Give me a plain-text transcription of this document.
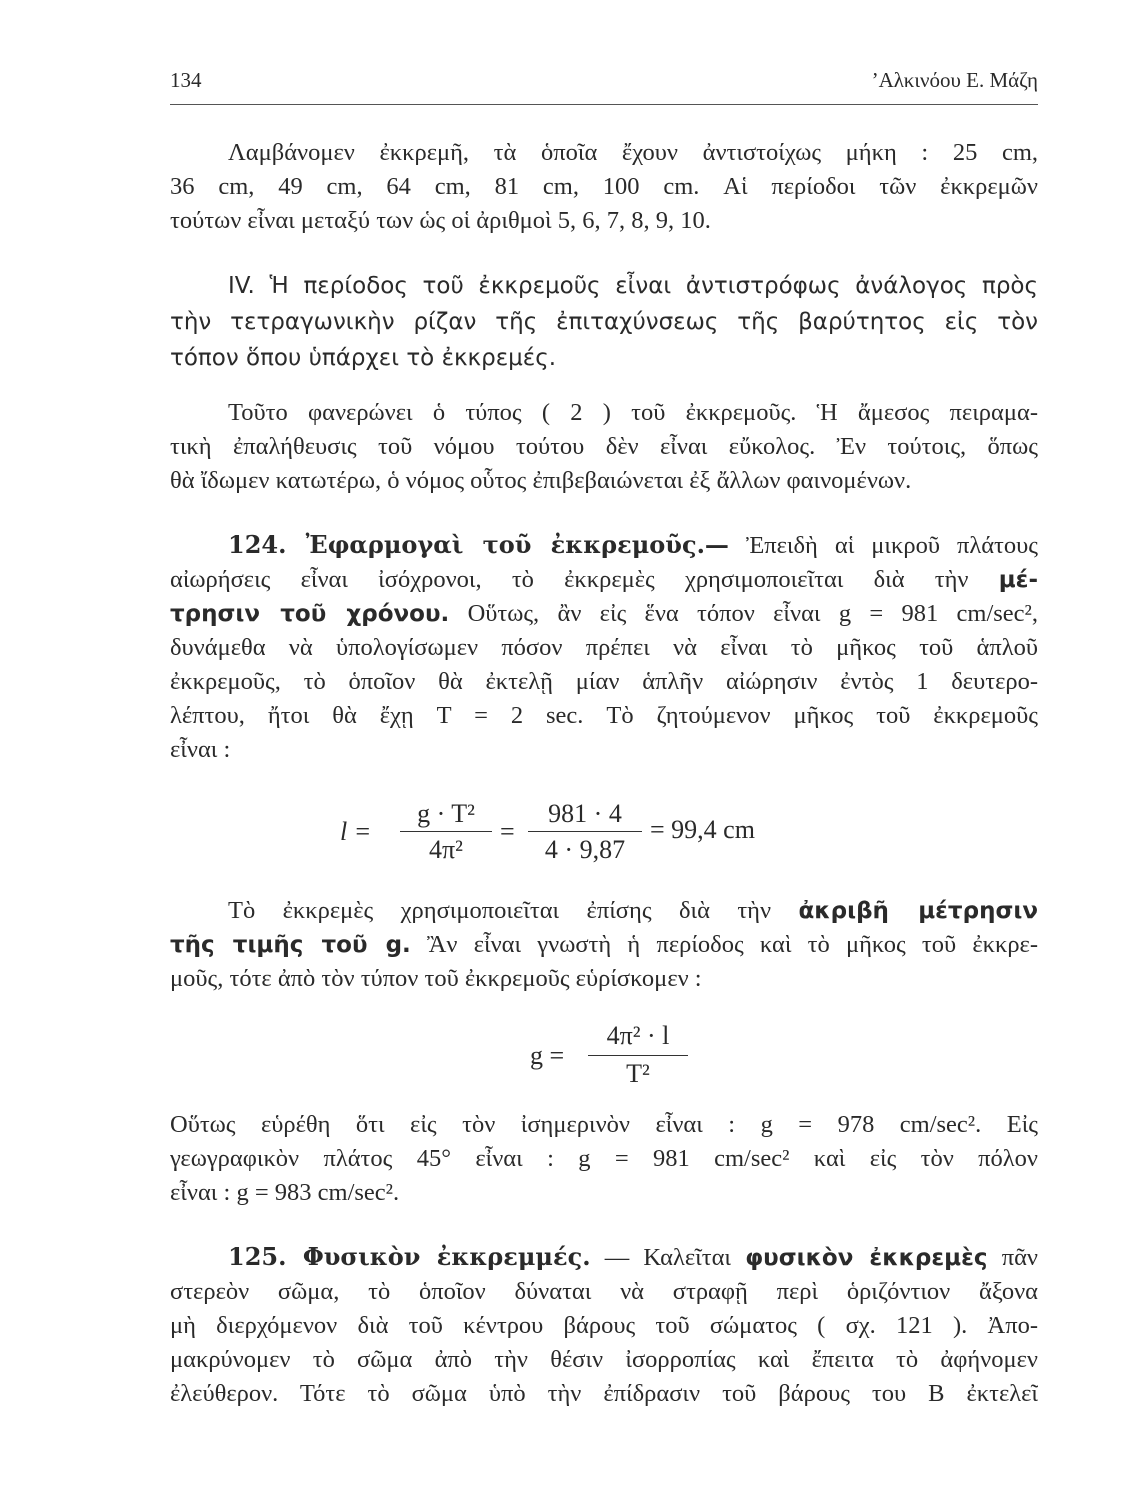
134	’Αλκινόου Ε. Μάζη
Λαμβάνομεν ἐκκρεμῆ, τὰ ὁποῖα ἔχουν ἀντιστοίχως μήκη : 25 cm,
36 cm, 49 cm, 64 cm, 81 cm, 100 cm. Αἱ περίοδοι τῶν ἐκκρεμῶν
τούτων εἶναι μεταξύ των ὡς οἱ ἀριθμοὶ 5, 6, 7, 8, 9, 10.
IV. Ἡ περίοδος τοῦ ἐκκρεμοῦς εἶναι ἀντιστρόφως ἀνάλογος πρὸς
τὴν τετραγωνικὴν ρίζαν τῆς ἐπιταχύνσεως τῆς βαρύτητος εἰς τὸν
τόπον ὅπου ὑπάρχει τὸ ἐκκρεμές.
Τοῦτο φανερώνει ὁ τύπος ( 2 ) τοῦ ἐκκρεμοῦς. Ἡ ἄμεσος πειραμα-
τικὴ ἐπαλήθευσις τοῦ νόμου τούτου δὲν εἶναι εὔκολος. Ἐν τούτοις, ὅπως
θὰ ἴδωμεν κατωτέρω, ὁ νόμος οὗτος ἐπιβεβαιώνεται ἐξ ἄλλων φαινομένων.
124. Ἐφαρμογαὶ τοῦ ἐκκρεμοῦς.— Ἐπειδὴ αἱ μικροῦ πλάτους
αἰωρήσεις εἶναι ἰσόχρονοι, τὸ ἐκκρεμὲς χρησιμοποιεῖται διὰ τὴν μέ-
τρησιν τοῦ χρόνου. Οὕτως, ἂν εἰς ἕνα τόπον εἶναι g = 981 cm/sec²,
δυνάμεθα νὰ ὑπολογίσωμεν πόσον πρέπει νὰ εἶναι τὸ μῆκος τοῦ ἁπλοῦ
ἐκκρεμοῦς, τὸ ὁποῖον θὰ ἐκτελῇ μίαν ἁπλῆν αἰώρησιν ἐντὸς 1 δευτερο-
λέπτου, ἤτοι θὰ ἔχῃ T = 2 sec. Τὸ ζητούμενον μῆκος τοῦ ἐκκρεμοῦς
εἶναι :
l =
g · T²
4π²
=
981 · 4
4 · 9,87
= 99,4 cm
Τὸ ἐκκρεμὲς χρησιμοποιεῖται ἐπίσης διὰ τὴν ἀκριβῆ μέτρησιν
τῆς τιμῆς τοῦ g. Ἂν εἶναι γνωστὴ ἡ περίοδος καὶ τὸ μῆκος τοῦ ἐκκρε-
μοῦς, τότε ἀπὸ τὸν τύπον τοῦ ἐκκρεμοῦς εὑρίσκομεν :
g =
4π² · l
T²
Οὕτως εὑρέθη ὅτι εἰς τὸν ἰσημερινὸν εἶναι : g = 978 cm/sec². Εἰς
γεωγραφικὸν πλάτος 45° εἶναι : g = 981 cm/sec² καὶ εἰς τὸν πόλον
εἶναι : g = 983 cm/sec².
125. Φυσικὸν ἐκκρεμμές. — Καλεῖται φυσικὸν ἐκκρεμὲς πᾶν
στερεὸν σῶμα, τὸ ὁποῖον δύναται νὰ στραφῇ περὶ ὁριζόντιον ἄξονα
μὴ διερχόμενον διὰ τοῦ κέντρου βάρους τοῦ σώματος ( σχ. 121 ). Ἀπο-
μακρύνομεν τὸ σῶμα ἀπὸ τὴν θέσιν ἰσορροπίας καὶ ἔπειτα τὸ ἀφήνομεν
ἐλεύθερον. Τότε τὸ σῶμα ὑπὸ τὴν ἐπίδρασιν τοῦ βάρους του Β ἐκτελεῖ
